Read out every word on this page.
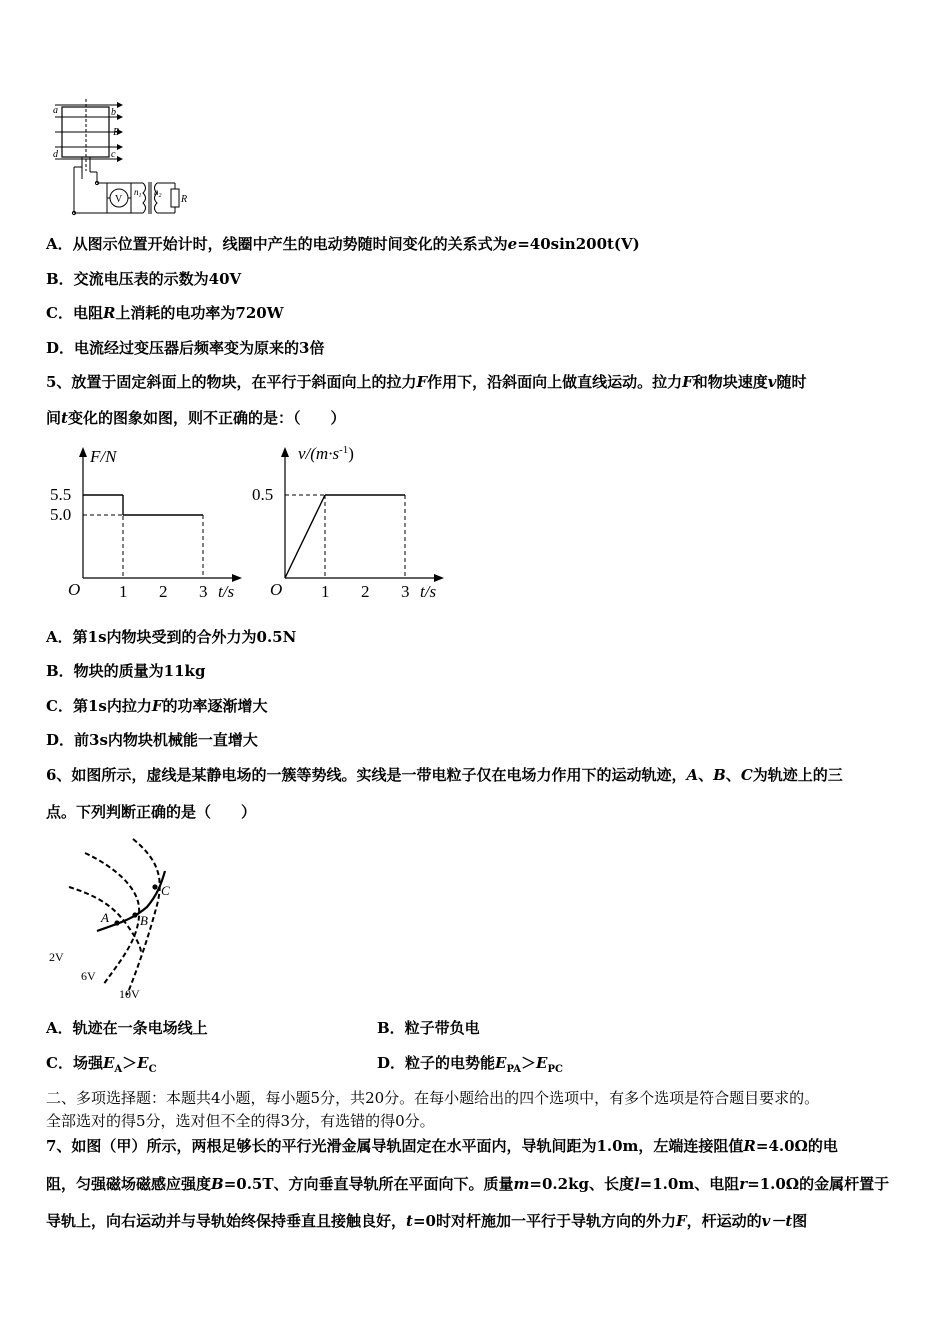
V
a	b
B
d	c
$n_1$ $n_2$ R
A．从图示位置开始计时，线圈中产生的电动势随时间变化的关系式为e=40sin200t(V)
B．交流电压表的示数为40V
C．电阻R上消耗的电功率为720W
D．电流经过变压器后频率变为原来的3倍
5、放置于固定斜面上的物块，在平行于斜面向上的拉力F作用下，沿斜面向上做直线运动。拉力F和物块速度v随时
间t变化的图象如图，则不正确的是：（　　）
F/N
t/s
O 1 2 3
5.5
5.0
$v/(m\cdot s^{-1})$
t/s
O 1 2 3
0.5
A．第1s内物块受到的合外力为0.5N
B．物块的质量为11kg
C．第1s内拉力F的功率逐渐增大
D．前3s内物块机械能一直增大
6、如图所示，虚线是某静电场的一簇等势线。实线是一带电粒子仅在电场力作用下的运动轨迹，A、B、C为轨迹上的三
点。下列判断正确的是（　　）
A B
C
2V
6V
10V
A．轨迹在一条电场线上	B．粒子带负电
C．场强$E_A>E_C$	D．粒子的电势能$E_{PA}>E_{PC}$
二、多项选择题：本题共4小题，每小题5分，共20分。在每小题给出的四个选项中，有多个选项是符合题目要求的。
全部选对的得5分，选对但不全的得3分，有选错的得0分。
7、如图（甲）所示，两根足够长的平行光滑金属导轨固定在水平面内，导轨间距为1.0m，左端连接阻值R=4.0Ω的电
阻，匀强磁场磁感应强度B=0.5T、方向垂直导轨所在平面向下。质量m=0.2kg、长度l=1.0m、电阻r=1.0Ω的金属杆置于
导轨上，向右运动并与导轨始终保持垂直且接触良好，t=0时对杆施加一平行于导轨方向的外力F，杆运动的v－t图
